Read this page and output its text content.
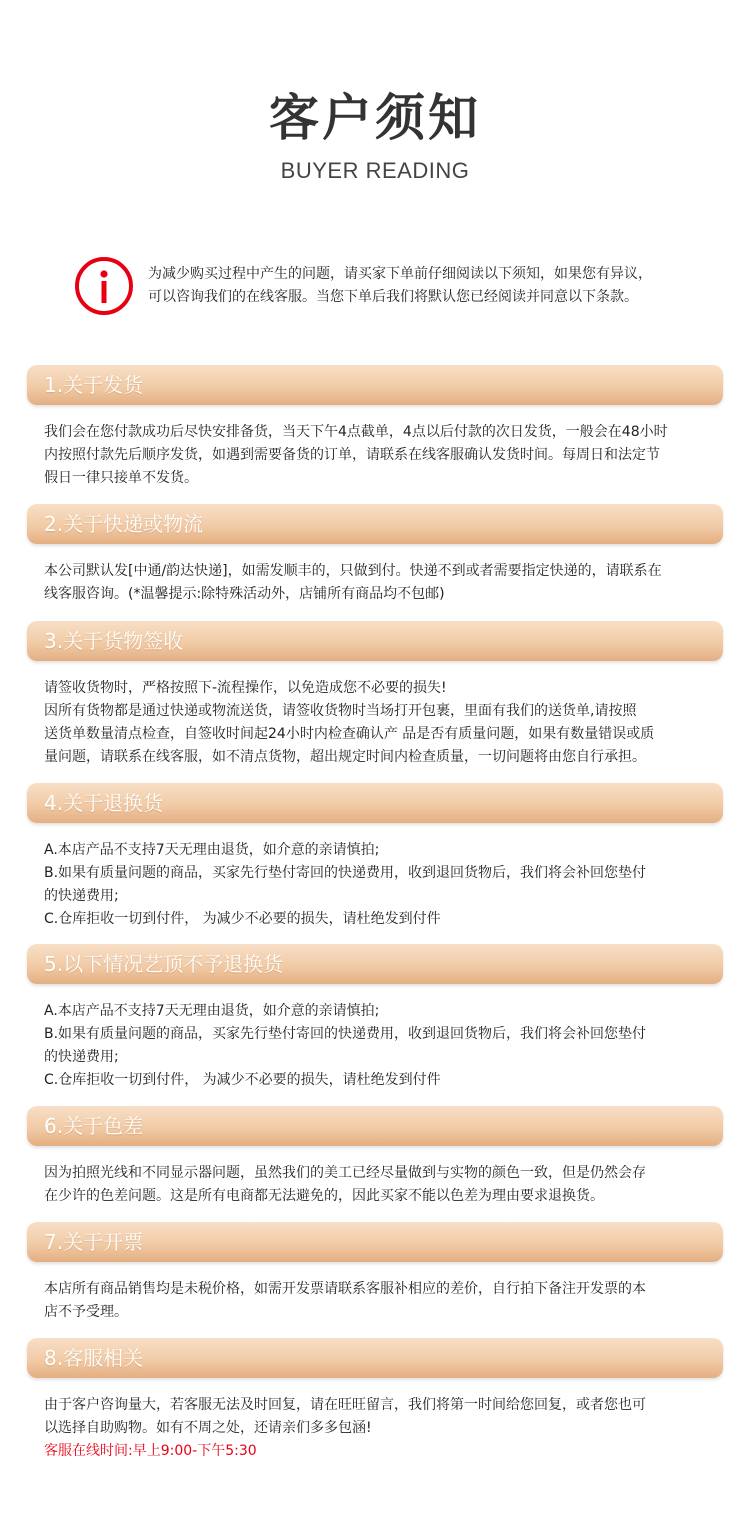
客户须知
BUYER READING
为减少购买过程中产生的问题，请买家下单前仔细阅读以下须知，如果您有异议，
可以咨询我们的在线客服。当您下单后我们将默认您已经阅读并同意以下条款。
1.关于发货
我们会在您付款成功后尽快安排备货，当天下午4点截单，4点以后付款的次日发货，一般会在48小时
内按照付款先后顺序发货，如遇到需要备货的订单，请联系在线客服确认发货时间。每周日和法定节
假日一律只接单不发货。
2.关于快递或物流
本公司默认发[中通/韵达快递]，如需发顺丰的，只做到付。快递不到或者需要指定快递的，请联系在
线客服咨询。(*温馨提示:除特殊活动外，店铺所有商品均不包邮)
3.关于货物签收
请签收货物时，严格按照下-流程操作，以免造成您不必要的损失!
因所有货物都是通过快递或物流送货，请签收货物时当场打开包裹，里面有我们的送货单,请按照
送货单数量清点检查，自签收时间起24小时内检查确认产 品是否有质量问题，如果有数量错误或质
量问题，请联系在线客服，如不清点货物，超出规定时间内检查质量，一切问题将由您自行承担。
4.关于退换货
A.本店产品不支持7天无理由退货，如介意的亲请慎拍;
B.如果有质量问题的商品，买家先行垫付寄回的快递费用，收到退回货物后，我们将会补回您垫付
的快递费用;
C.仓库拒收一切到付件， 为减少不必要的损失，请杜绝发到付件
5.以下情况艺顶不予退换货
A.本店产品不支持7天无理由退货，如介意的亲请慎拍;
B.如果有质量问题的商品，买家先行垫付寄回的快递费用，收到退回货物后，我们将会补回您垫付
的快递费用;
C.仓库拒收一切到付件， 为减少不必要的损失，请杜绝发到付件
6.关于色差
因为拍照光线和不同显示器问题，虽然我们的美工已经尽量做到与实物的颜色一致，但是仍然会存
在少许的色差问题。这是所有电商都无法避免的，因此买家不能以色差为理由要求退换货。
7.关于开票
本店所有商品销售均是未税价格，如需开发票请联系客服补相应的差价，自行拍下备注开发票的本
店不予受理。
8.客服相关
由于客户咨询量大，若客服无法及时回复，请在旺旺留言，我们将第一时间给您回复，或者您也可
以选择自助购物。如有不周之处，还请亲们多多包涵!
客服在线时间:早上9:00-下午5:30
